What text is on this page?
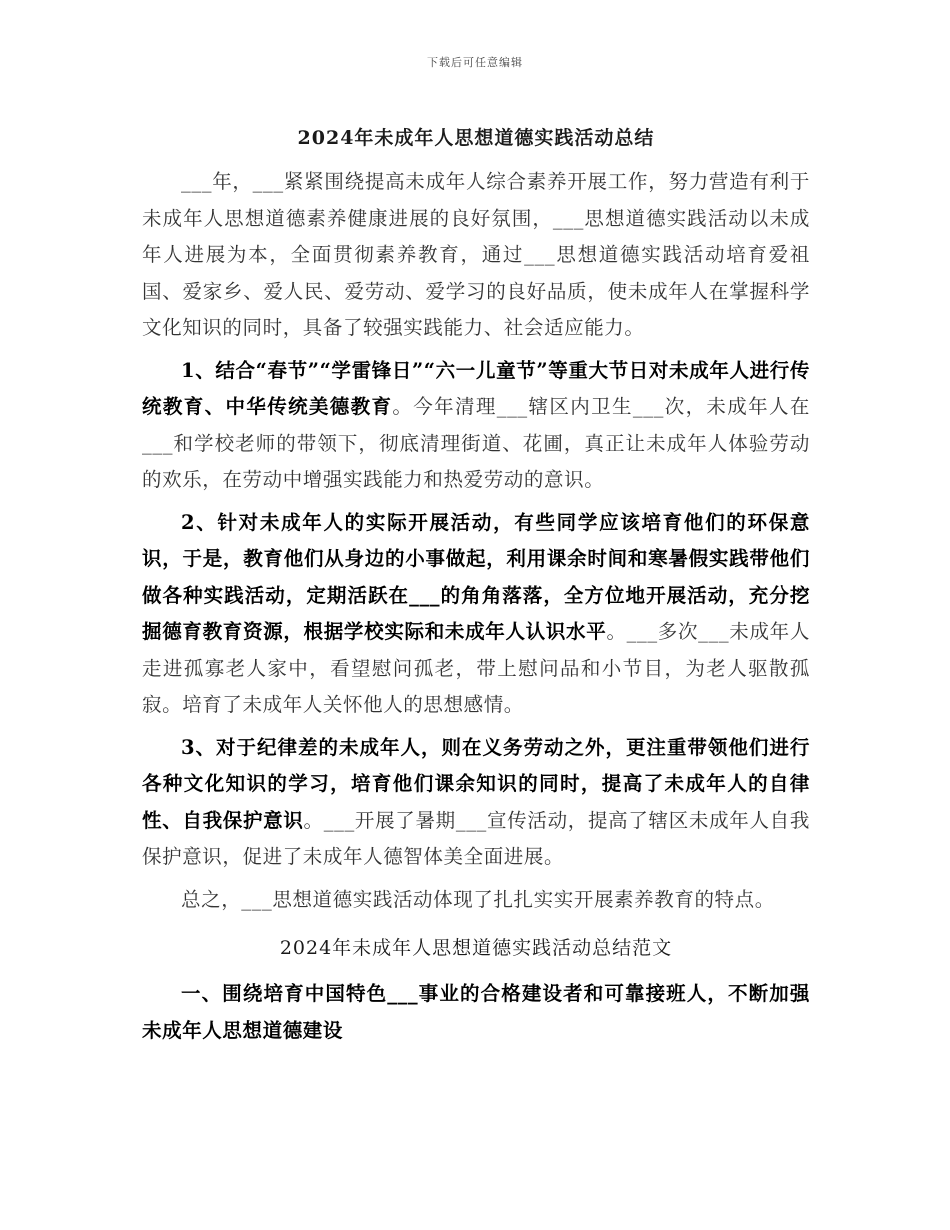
下载后可任意编辑
2024年未成年人思想道德实践活动总结

___年，___紧紧围绕提高未成年人综合素养开展工作，努力营造有利于未成年人思想道德素养健康进展的良好氛围，___思想道德实践活动以未成年人进展为本，全面贯彻素养教育，通过___思想道德实践活动培育爱祖国、爱家乡、爱人民、爱劳动、爱学习的良好品质，使未成年人在掌握科学文化知识的同时，具备了较强实践能力、社会适应能力。

1、结合“春节”“学雷锋日”“六一儿童节”等重大节日对未成年人进行传统教育、中华传统美德教育。今年清理___辖区内卫生___次，未成年人在___和学校老师的带领下，彻底清理街道、花圃，真正让未成年人体验劳动的欢乐，在劳动中增强实践能力和热爱劳动的意识。

2、针对未成年人的实际开展活动，有些同学应该培育他们的环保意识，于是，教育他们从身边的小事做起，利用课余时间和寒暑假实践带他们做各种实践活动，定期活跃在___的角角落落，全方位地开展活动，充分挖掘德育教育资源，根据学校实际和未成年人认识水平。___多次___未成年人走进孤寡老人家中，看望慰问孤老，带上慰问品和小节目，为老人驱散孤寂。培育了未成年人关怀他人的思想感情。

3、对于纪律差的未成年人，则在义务劳动之外，更注重带领他们进行各种文化知识的学习，培育他们课余知识的同时，提高了未成年人的自律性、自我保护意识。___开展了暑期___宣传活动，提高了辖区未成年人自我保护意识，促进了未成年人德智体美全面进展。

总之，___思想道德实践活动体现了扎扎实实开展素养教育的特点。

2024年未成年人思想道德实践活动总结范文

一、围绕培育中国特色___事业的合格建设者和可靠接班人，不断加强未成年人思想道德建设
